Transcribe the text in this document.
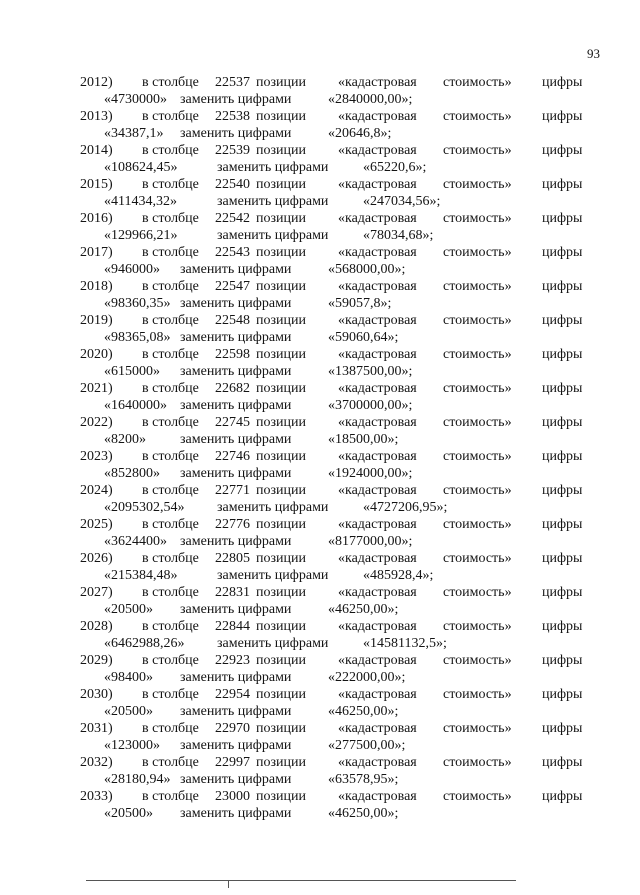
93
2012) в столбце 22537 позиции «кадастровая стоимость» цифры
«4730000» заменить цифрами	«2840000,00»;
2013) в столбце 22538 позиции «кадастровая стоимость» цифры
«34387,1» заменить цифрами	«20646,8»;
2014) в столбце 22539 позиции «кадастровая стоимость» цифры
«108624,45»	заменить цифрами «65220,6»;
2015) в столбце 22540 позиции «кадастровая стоимость» цифры
«411434,32»	заменить цифрами «247034,56»;
2016) в столбце 22542 позиции «кадастровая стоимость» цифры
«129966,21»	заменить цифрами «78034,68»;
2017) в столбце 22543 позиции «кадастровая стоимость» цифры
«946000» заменить цифрами	«568000,00»;
2018) в столбце 22547 позиции «кадастровая стоимость» цифры
«98360,35» заменить цифрами	«59057,8»;
2019) в столбце 22548 позиции «кадастровая стоимость» цифры
«98365,08» заменить цифрами	«59060,64»;
2020) в столбце 22598 позиции «кадастровая стоимость» цифры
«615000» заменить цифрами	«1387500,00»;
2021) в столбце 22682 позиции «кадастровая стоимость» цифры
«1640000» заменить цифрами	«3700000,00»;
2022) в столбце 22745 позиции «кадастровая стоимость» цифры
«8200» заменить цифрами	«18500,00»;
2023) в столбце 22746 позиции «кадастровая стоимость» цифры
«852800» заменить цифрами	«1924000,00»;
2024) в столбце 22771 позиции «кадастровая стоимость» цифры
«2095302,54» заменить цифрами «4727206,95»;
2025) в столбце 22776 позиции «кадастровая стоимость» цифры
«3624400» заменить цифрами	«8177000,00»;
2026) в столбце 22805 позиции «кадастровая стоимость» цифры
«215384,48»	заменить цифрами «485928,4»;
2027) в столбце 22831 позиции «кадастровая стоимость» цифры
«20500» заменить цифрами	«46250,00»;
2028) в столбце 22844 позиции «кадастровая стоимость» цифры
«6462988,26» заменить цифрами «14581132,5»;
2029) в столбце 22923 позиции «кадастровая стоимость» цифры
«98400» заменить цифрами	«222000,00»;
2030) в столбце 22954 позиции «кадастровая стоимость» цифры
«20500» заменить цифрами	«46250,00»;
2031) в столбце 22970 позиции «кадастровая стоимость» цифры
«123000» заменить цифрами	«277500,00»;
2032) в столбце 22997 позиции «кадастровая стоимость» цифры
«28180,94» заменить цифрами	«63578,95»;
2033) в столбце 23000 позиции «кадастровая стоимость» цифры
«20500» заменить цифрами	«46250,00»;
